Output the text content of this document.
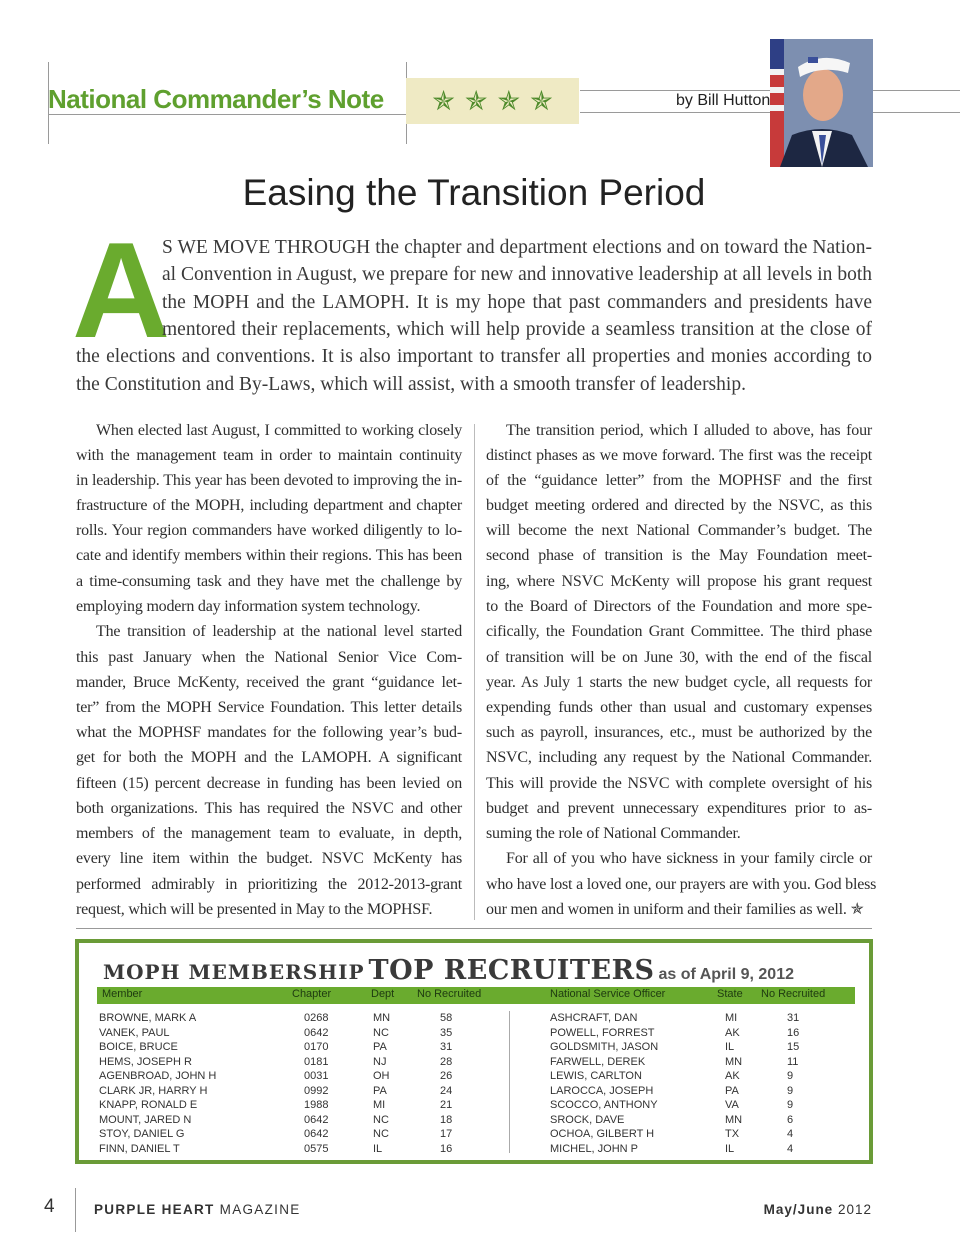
National Commander’s Note ✯ ✯ ✯ ✯	by Bill Hutton
Easing the Transition Period
A
S WE MOVE THROUGH the chapter and department elections and on toward the Nation-
al Convention in August, we prepare for new and innovative leadership at all levels in both
the MOPH and the LAMOPH. It is my hope that past commanders and presidents have
mentored their replacements, which will help provide a seamless transition at the close of
the elections and conventions. It is also important to transfer all properties and monies according to
the Constitution and By-Laws, which will assist, with a smooth transfer of leadership.
When elected last August, I committed to working closely
with the management team in order to maintain continuity
in leadership. This year has been devoted to improving the in-
frastructure of the MOPH, including department and chapter
rolls. Your region commanders have worked diligently to lo-
cate and identify members within their regions. This has been
a time-consuming task and they have met the challenge by
employing modern day information system technology.
The transition of leadership at the national level started
this past January when the National Senior Vice Com-
mander, Bruce McKenty, received the grant “guidance let-
ter” from the MOPH Service Foundation. This letter details
what the MOPHSF mandates for the following year’s bud-
get for both the MOPH and the LAMOPH. A significant
fifteen (15) percent decrease in funding has been levied on
both organizations. This has required the NSVC and other
members of the management team to evaluate, in depth,
every line item within the budget. NSVC McKenty has
performed admirably in prioritizing the 2012-2013-grant
request, which will be presented in May to the MOPHSF.
The transition period, which I alluded to above, has four
distinct phases as we move forward. The first was the receipt
of the “guidance letter” from the MOPHSF and the first
budget meeting ordered and directed by the NSVC, as this
will become the next National Commander’s budget. The
second phase of transition is the May Foundation meet-
ing, where NSVC McKenty will propose his grant request
to the Board of Directors of the Foundation and more spe-
cifically, the Foundation Grant Committee. The third phase
of transition will be on June 30, with the end of the fiscal
year. As July 1 starts the new budget cycle, all requests for
expending funds other than usual and customary expenses
such as payroll, insurances, etc., must be authorized by the
NSVC, including any request by the National Commander.
This will provide the NSVC with complete oversight of his
budget and prevent unnecessary expenditures prior to as-
suming the role of National Commander.
For all of you who have sickness in your family circle or
who have lost a loved one, our prayers are with you. God bless
our men and women in uniform and their families as well. ✯
MOPH MEMBERSHIP TOP RECRUITERS as of April 9, 2012
Member	Chapter	Dept No Recruited	National Service Officer	State No Recruited
BROWNE, MARK A	0268	MN	58
VANEK, PAUL	0642	NC	35
BOICE, BRUCE	0170	PA	31
HEMS, JOSEPH R	0181	NJ	28
AGENBROAD, JOHN H	0031	OH	26
CLARK JR, HARRY H	0992	PA	24
KNAPP, RONALD E	1988	MI	21
MOUNT, JARED N	0642	NC	18
STOY, DANIEL G	0642	NC	17
FINN, DANIEL T	0575	IL	16
ASHCRAFT, DAN	MI	31
POWELL, FORREST	AK	16
GOLDSMITH, JASON	IL	15
FARWELL, DEREK	MN	11
LEWIS, CARLTON	AK	9
LAROCCA, JOSEPH	PA	9
SCOCCO, ANTHONY	VA	9
SROCK, DAVE	MN	6
OCHOA, GILBERT H	TX	4
MICHEL, JOHN P	IL	4
4	PURPLE HEART MAGAZINE	May/June 2012
